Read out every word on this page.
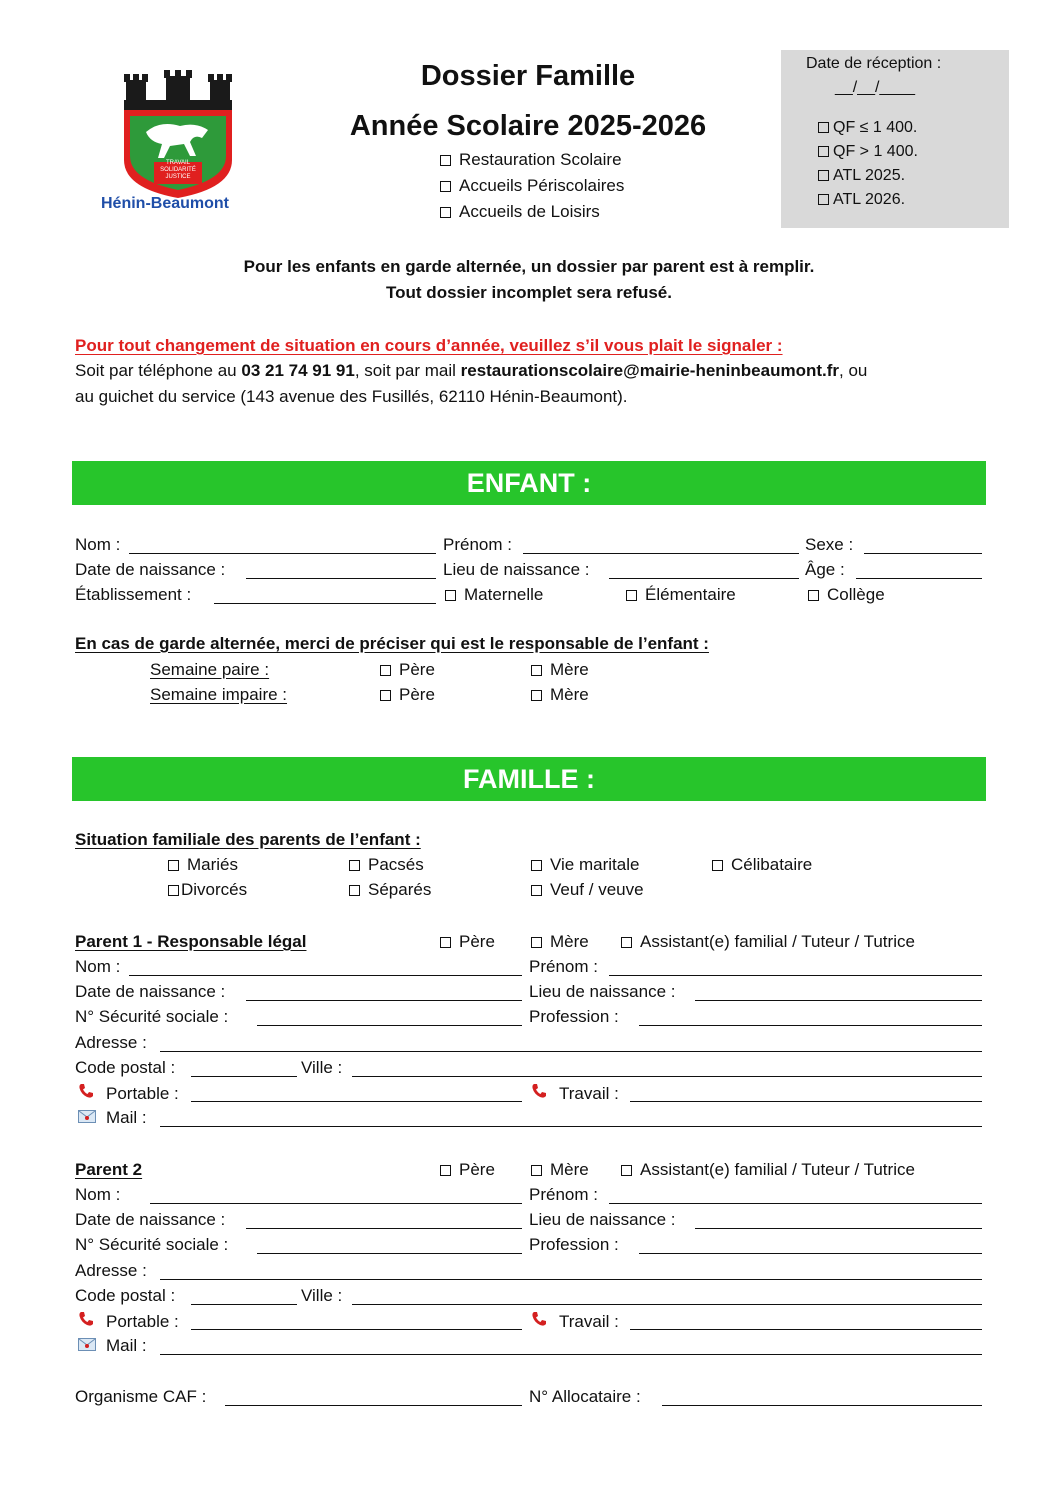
TRAVAIL
SOLIDARITÉ
JUSTICE
Hénin-Beaumont
Dossier Famille
Année Scolaire 2025-2026
Restauration Scolaire
Accueils Périscolaires
Accueils de Loisirs
Date de réception :
__/__/____
QF ≤ 1 400.
QF > 1 400.
ATL 2025.
ATL 2026.
Pour les enfants en garde alternée, un dossier par parent est à remplir.
Tout dossier incomplet sera refusé.
Pour tout changement de situation en cours d’année, veuillez s’il vous plait le signaler :
Soit par téléphone au 03 21 74 91 91, soit par mail restaurationscolaire@mairie-heninbeaumont.fr, ou
au guichet du service (143 avenue des Fusillés, 62110 Hénin-Beaumont).
ENFANT :
Nom :	Prénom :	Sexe :
Date de naissance :	Lieu de naissance :	Âge :
Établissement :	Maternelle	Élémentaire	Collège
En cas de garde alternée, merci de préciser qui est le responsable de l’enfant :
Semaine paire :	Père	Mère
Semaine impaire :	Père	Mère
FAMILLE :
Situation familiale des parents de l’enfant :
Mariés	Pacsés	Vie maritale	Célibataire
Divorcés	Séparés	Veuf / veuve
Parent 1 - Responsable légal	Père	Mère	Assistant(e) familial / Tuteur / Tutrice
Nom :	Prénom :
Date de naissance :	Lieu de naissance :
N° Sécurité sociale :	Profession :
Adresse :
Code postal :	Ville :
Portable :	Travail :
Mail :
Parent 2	Père	Mère	Assistant(e) familial / Tuteur / Tutrice
Nom :	Prénom :
Date de naissance :	Lieu de naissance :
N° Sécurité sociale :	Profession :
Adresse :
Code postal :	Ville :
Portable :	Travail :
Mail :
Organisme CAF :	N° Allocataire :
